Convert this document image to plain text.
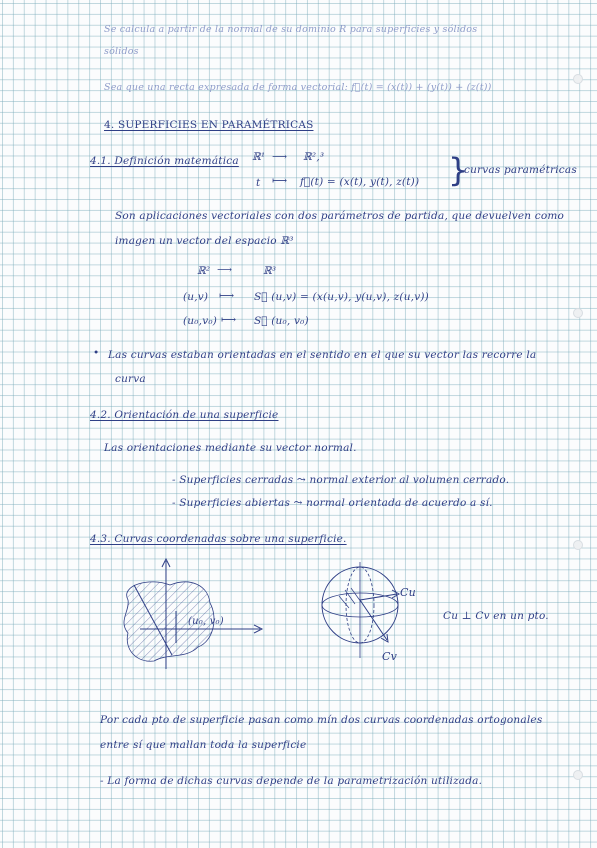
Se calcula a partir de la normal de su dominio R para superficies y sólidos
sólidos
Sea que una recta expresada de forma vectorial: f⃗(t) = (x(t)) + (y(t)) + (z(t))
4. SUPERFICIES EN PARAMÉTRICAS
4.1. Definición matemática ℝ¹ ⟶ ℝ²,³
t ⟼ f⃗(t) = (x(t), y(t), z(t)) }
curvas paramétricas
Son aplicaciones vectoriales con dos parámetros de partida, que devuelven como
imagen un vector del espacio ℝ³
ℝ² ⟶	ℝ³
(u,v) ⟼ S⃗ (u,v) = (x(u,v), y(u,v), z(u,v))
(u₀,v₀) ⟼ S⃗ (u₀, v₀)
• Las curvas estaban orientadas en el sentido en el que su vector las recorre la
curva
4.2. Orientación de una superficie
Las orientaciones mediante su vector normal.
- Superficies cerradas ⤳ normal exterior al volumen cerrado.
- Superficies abiertas ⤳ normal orientada de acuerdo a sí.
4.3. Curvas coordenadas sobre una superficie.
(u₀, v₀)
Cu
Cv
Cu ⊥ Cv en un pto.
Por cada pto de superficie pasan como mín dos curvas coordenadas ortogonales
entre sí que mallan toda la superficie
- La forma de dichas curvas depende de la parametrización utilizada.
